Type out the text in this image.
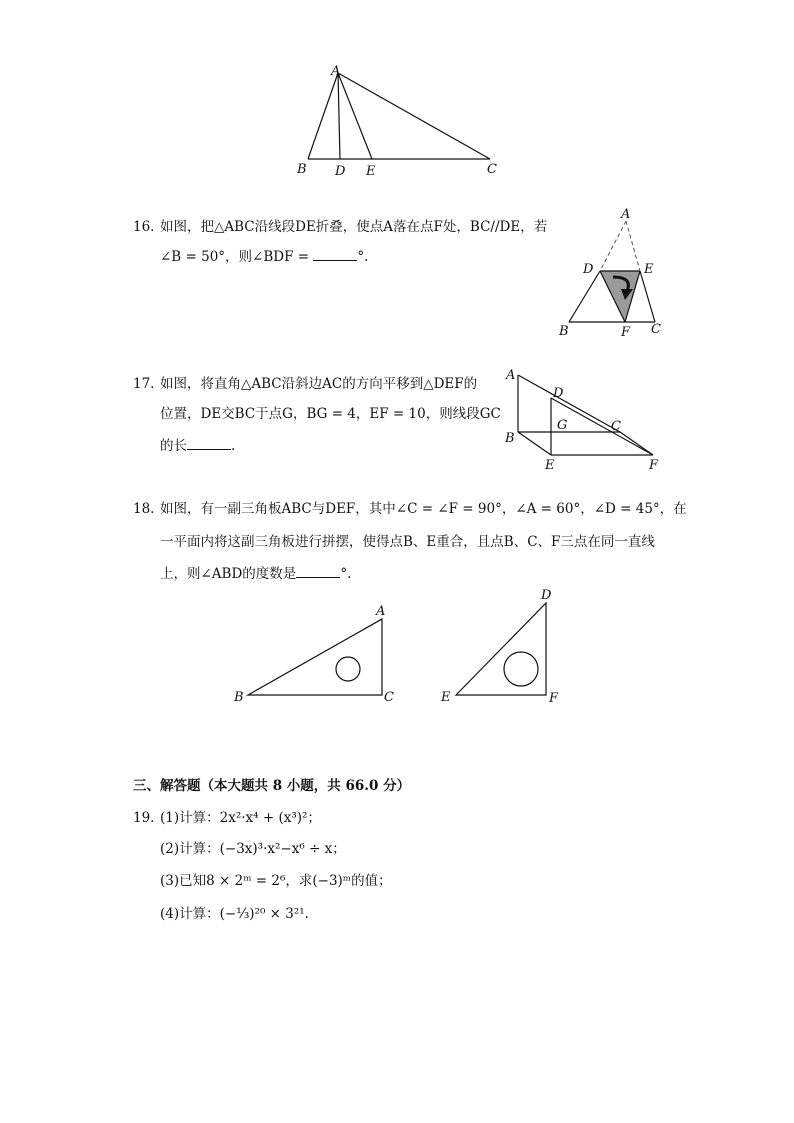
A
B D E	C
16. 如图，把△ABC沿线段DE折叠，使点A落在点F处，BC//DE，若
∠B = 50°，则∠BDF =	°.
A
D	E
B	F C
17. 如图，将直角△ABC沿斜边AC的方向平移到△DEF的
位置，DE交BC于点G，BG = 4，EF = 10，则线段GC
的长	.
A
D
G	C
B
E	F
18. 如图，有一副三角板ABC与DEF，其中∠C = ∠F = 90°，∠A = 60°，∠D = 45°，在
一平面内将这副三角板进行拼摆，使得点B、E重合，且点B、C、F三点在同一直线
上，则∠ABD的度数是	°.
A
B	C
D
E	F
三、解答题（本大题共 8 小题，共 66.0 分）
19. (1)计算：2x²·x⁴ + (x³)²；
(2)计算：(−3x)³·x²−x⁶ ÷ x；
(3)已知8 × 2ᵐ = 2⁶，求(−3)ᵐ的值；
(4)计算：(−⅓)²⁰ × 3²¹.
